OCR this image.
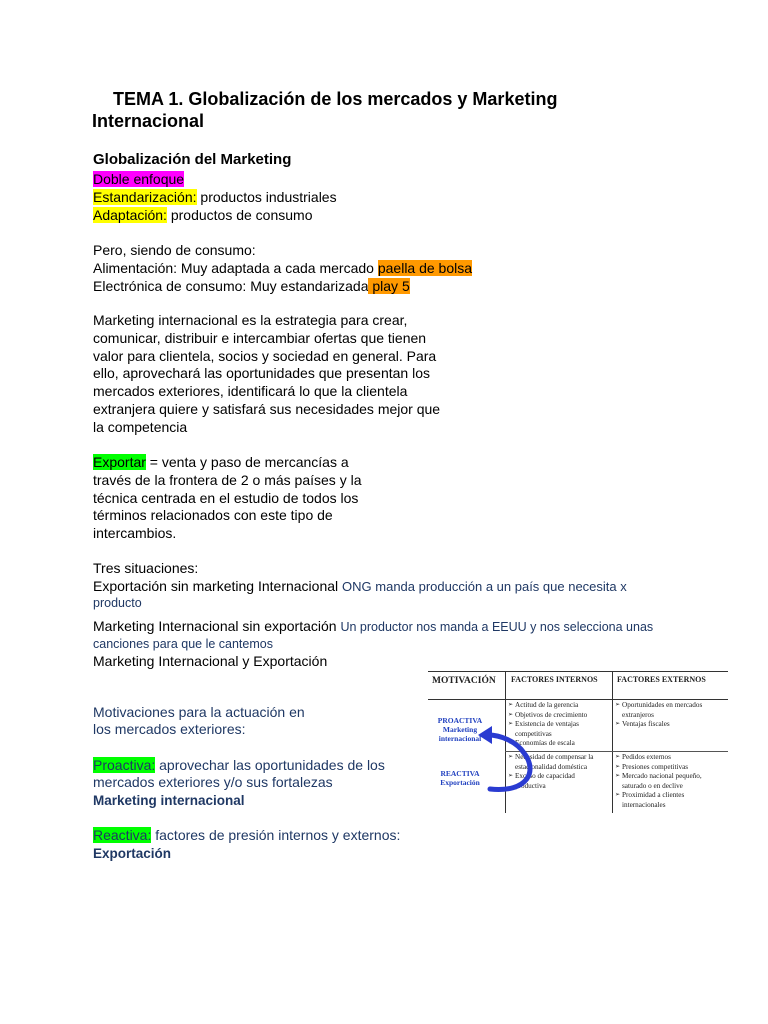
TEMA 1. Globalización de los mercados y Marketing
Internacional
Globalización del Marketing
Doble enfoque
Estandarización: productos industriales
Adaptación: productos de consumo
Pero, siendo de consumo:
Alimentación: Muy adaptada a cada mercado paella de bolsa
Electrónica de consumo: Muy estandarizada play 5
Marketing internacional es la estrategia para crear,
comunicar, distribuir e intercambiar ofertas que tienen
valor para clientela, socios y sociedad en general. Para
ello, aprovechará las oportunidades que presentan los
mercados exteriores, identificará lo que la clientela
extranjera quiere y satisfará sus necesidades mejor que
la competencia
Exportar = venta y paso de mercancías a
través de la frontera de 2 o más países y la
técnica centrada en el estudio de todos los
términos relacionados con este tipo de
intercambios.
Tres situaciones:
Exportación sin marketing Internacional ONG manda producción a un país que necesita x
producto
Marketing Internacional sin exportación Un productor nos manda a EEUU y nos selecciona unas
canciones para que le cantemos
Marketing Internacional y Exportación
Motivaciones para la actuación en
los mercados exteriores:
Proactiva: aprovechar las oportunidades de los
mercados exteriores y/o sus fortalezas
Marketing internacional
Reactiva: factores de presión internos y externos:
Exportación
MOTIVACIÓN FACTORES INTERNOS FACTORES EXTERNOS
PROACTIVA
Marketing
internacional
REACTIVA
Exportación
➢ Actitud de la gerencia
➢ Objetivos de crecimiento
➢ Existencia de ventajas
competitivas
➢ Economías de escala
➢ Oportunidades en mercados
extranjeros
➢ Ventajas fiscales
➢ Necesidad de compensar la
estacionalidad doméstica
➢ Exceso de capacidad
productiva
➢ Pedidos externos
➢ Presiones competitivas
➢ Mercado nacional pequeño,
saturado o en declive
➢ Proximidad a clientes
internacionales
